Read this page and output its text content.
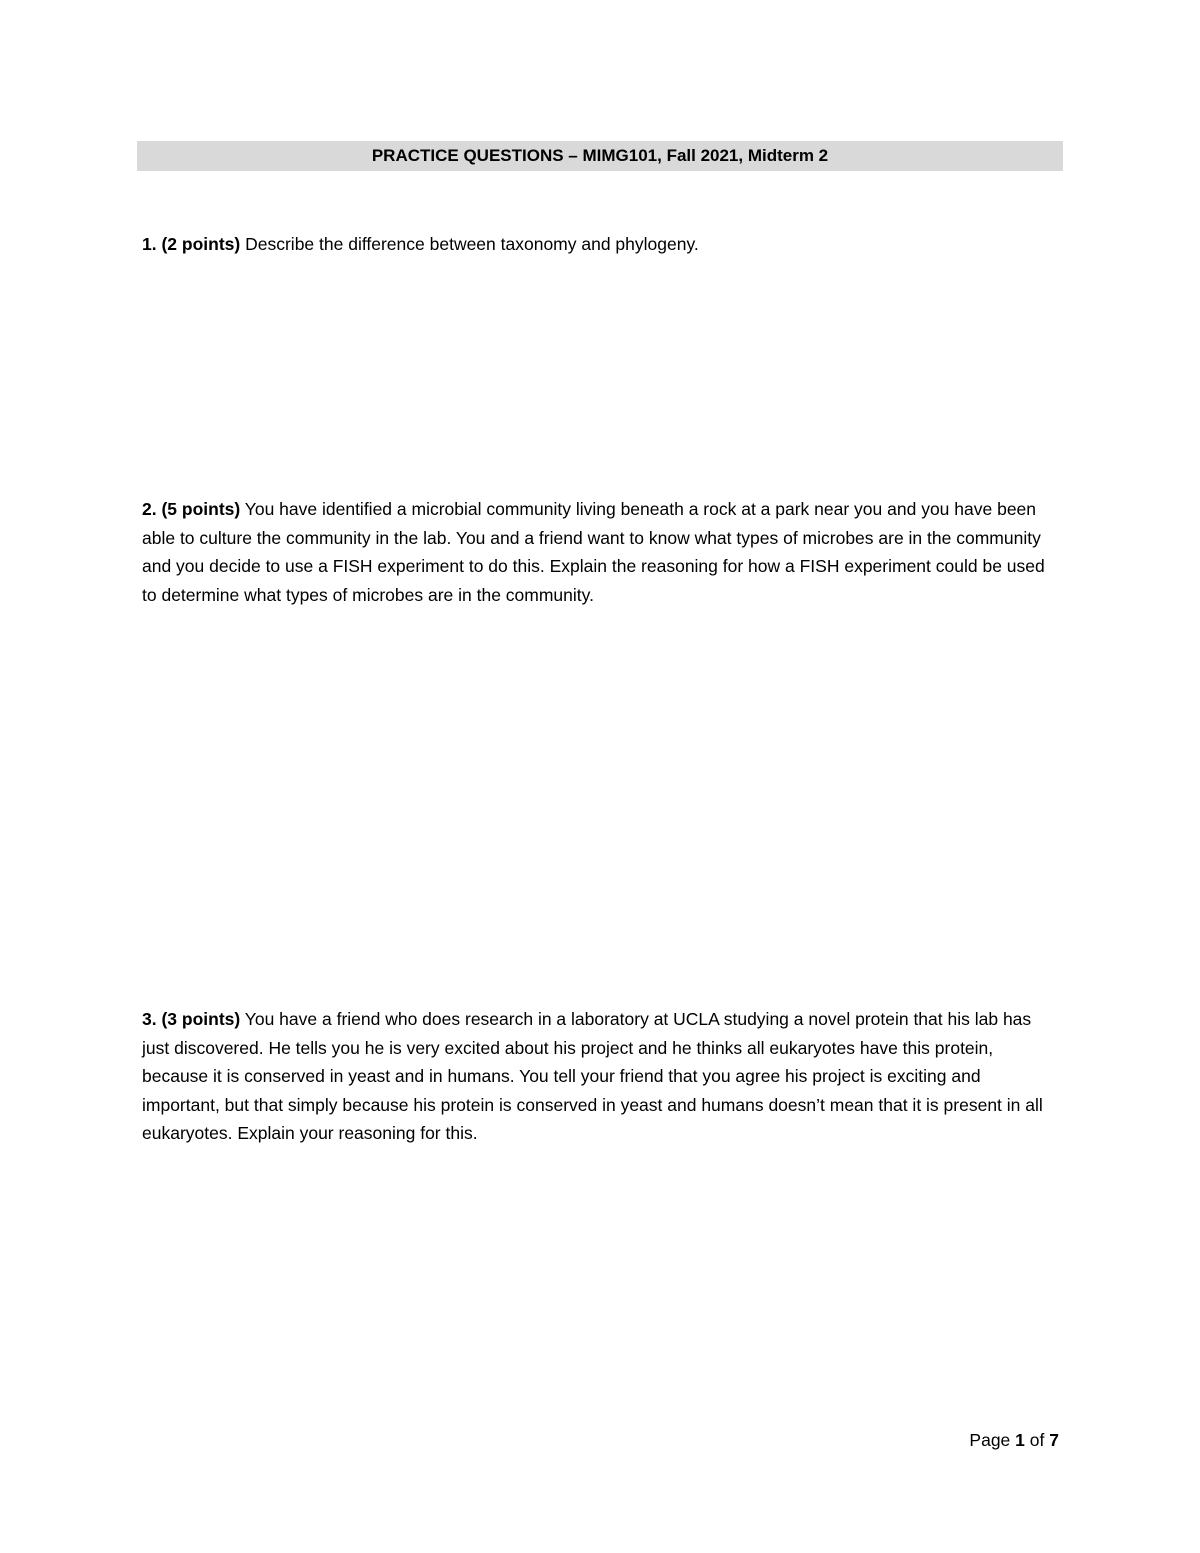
PRACTICE QUESTIONS – MIMG101, Fall 2021, Midterm 2
1. (2 points) Describe the difference between taxonomy and phylogeny.
2. (5 points) You have identified a microbial community living beneath a rock at a park near you and you have been able to culture the community in the lab. You and a friend want to know what types of microbes are in the community and you decide to use a FISH experiment to do this. Explain the reasoning for how a FISH experiment could be used to determine what types of microbes are in the community.
3. (3 points) You have a friend who does research in a laboratory at UCLA studying a novel protein that his lab has just discovered. He tells you he is very excited about his project and he thinks all eukaryotes have this protein, because it is conserved in yeast and in humans. You tell your friend that you agree his project is exciting and important, but that simply because his protein is conserved in yeast and humans doesn’t mean that it is present in all eukaryotes. Explain your reasoning for this.
Page 1 of 7
